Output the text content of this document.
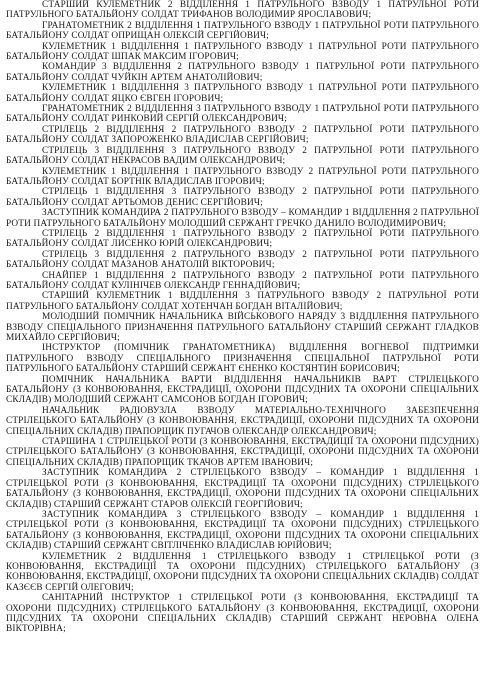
СТАРШИЙ КУЛЕМЕТНИК 2 ВІДДІЛЕННЯ 1 ПАТРУЛЬНОГО ВЗВОДУ 1 ПАТРУЛЬНОЇ РОТИ ПАТРУЛЬНОГО БАТАЛЬЙОНУ СОЛДАТ ТРИФАНОВ ВОЛОДИМИР ЯРОСЛАВОВИЧ;

ГРАНАТОМЕТНИК 2 ВІДДІЛЕННЯ 1 ПАТРУЛЬНОГО ВЗВОДУ 1 ПАТРУЛЬНОЇ РОТИ ПАТРУЛЬНОГО БАТАЛЬЙОНУ СОЛДАТ ОПРИЩАН ОЛЕКСІЙ СЕРГІЙОВИЧ;

КУЛЕМЕТНИК 1 ВІДДІЛЕННЯ 1 ПАТРУЛЬНОГО ВЗВОДУ 1 ПАТРУЛЬНОЇ РОТИ ПАТРУЛЬНОГО БАТАЛЬЙОНУ СОЛДАТ ШПАК МАКСИМ ІГОРОВИЧ;

КОМАНДИР 3 ВІДДІЛЕННЯ 2 ПАТРУЛЬНОГО ВЗВОДУ 1 ПАТРУЛЬНОЇ РОТИ ПАТРУЛЬНОГО БАТАЛЬЙОНУ СОЛДАТ ЧУЙКІН АРТЕМ АНАТОЛІЙОВИЧ;

КУЛЕМЕТНИК 1 ВІДДІЛЕННЯ 3 ПАТРУЛЬНОГО ВЗВОДУ 1 ПАТРУЛЬНОЇ РОТИ ПАТРУЛЬНОГО БАТАЛЬЙОНУ СОЛДАТ ЯЦКО ЄВГЕН ІГОРОВИЧ;

ГРАНАТОМЕТНИК 2 ВІДДІЛЕННЯ 3 ПАТРУЛЬНОГО ВЗВОДУ 1 ПАТРУЛЬНОЇ РОТИ ПАТРУЛЬНОГО БАТАЛЬЙОНУ СОЛДАТ РИНКОВИЙ СЕРГІЙ ОЛЕКСАНДРОВИЧ;

СТРІЛЕЦЬ 2 ВІДДІЛЕННЯ 2 ПАТРУЛЬНОГО ВЗВОДУ 2 ПАТРУЛЬНОЇ РОТИ ПАТРУЛЬНОГО БАТАЛЬЙОНУ СОЛДАТ ЗАПОРОЖЕНКО ВЛАДИСЛАВ СЕРГІЙОВИЧ;

СТРІЛЕЦЬ 3 ВІДДІЛЕННЯ 3 ПАТРУЛЬНОГО ВЗВОДУ 2 ПАТРУЛЬНОЇ РОТИ ПАТРУЛЬНОГО БАТАЛЬЙОНУ СОЛДАТ НЕКРАСОВ ВАДИМ ОЛЕКСАНДРОВИЧ;

КУЛЕМЕТНИК 1 ВІДДІЛЕННЯ 1 ПАТРУЛЬНОГО ВЗВОДУ 2 ПАТРУЛЬНОЇ РОТИ ПАТРУЛЬНОГО БАТАЛЬЙОНУ СОЛДАТ БОРТНІК ВЛАДИСЛАВ ІГОРОВИЧ;

СТРІЛЕЦЬ 1 ВІДДІЛЕННЯ 3 ПАТРУЛЬНОГО ВЗВОДУ 2 ПАТРУЛЬНОЇ РОТИ ПАТРУЛЬНОГО БАТАЛЬЙОНУ СОЛДАТ АРТЬОМОВ ДЕНИС СЕРГІЙОВИЧ;

ЗАСТУПНИК КОМАНДИРА 2 ПАТРУЛЬНОГО ВЗВОДУ – КОМАНДИР 1 ВІДДІЛЕННЯ 2 ПАТРУЛЬНОЇ РОТИ ПАТРУЛЬНОГО БАТАЛЬЙОНУ МОЛОДШИЙ СЕРЖАНТ ГРЕЧКО ДАНИЛО ВОЛОДИМИРОВИЧ;

СТРІЛЕЦЬ 2 ВІДДІЛЕННЯ 1 ПАТРУЛЬНОГО ВЗВОДУ 2 ПАТРУЛЬНОЇ РОТИ ПАТРУЛЬНОГО БАТАЛЬЙОНУ СОЛДАТ ЛИСЕНКО ЮРІЙ ОЛЕКСАНДРОВИЧ;

СТРІЛЕЦЬ 3 ВІДДІЛЕННЯ 2 ПАТРУЛЬНОГО ВЗВОДУ 2 ПАТРУЛЬНОЇ РОТИ ПАТРУЛЬНОГО БАТАЛЬЙОНУ СОЛДАТ МАЗАНОВ АНАТОЛІЙ ВІКТОРОВИЧ;

СНАЙПЕР 1 ВІДДІЛЕННЯ 2 ПАТРУЛЬНОГО ВЗВОДУ 2 ПАТРУЛЬНОЇ РОТИ ПАТРУЛЬНОГО БАТАЛЬЙОНУ СОЛДАТ КУЛІНІЧЕВ ОЛЕКСАНДР ГЕННАДІЙОВИЧ;

СТАРШИЙ КУЛЕМЕТНИК 1 ВІДДІЛЕННЯ 3 ПАТРУЛЬНОГО ВЗВОДУ 2 ПАТРУЛЬНОЇ РОТИ ПАТРУЛЬНОГО БАТАЛЬЙОНУ СОЛДАТ ХОТЕНЧАН БОГДАН ВІТАЛІЙОВИЧ;

МОЛОДШИЙ ПОМІЧНИК НАЧАЛЬНИКА ВІЙСЬКОВОГО НАРЯДУ 3 ВІДДІЛЕННЯ ПАТРУЛЬНОГО ВЗВОДУ СПЕЦІАЛЬНОГО ПРИЗНАЧЕННЯ ПАТРУЛЬНОГО БАТАЛЬЙОНУ СТАРШИЙ СЕРЖАНТ ГЛАДКОВ МИХАЙЛО СЕРГІЙОВИЧ;

ІНСТРУКТОР (ПОМІЧНИК ГРАНАТОМЕТНИКА) ВІДДІЛЕННЯ ВОГНЕВОЇ ПІДТРИМКИ ПАТРУЛЬНОГО ВЗВОДУ СПЕЦІАЛЬНОГО ПРИЗНАЧЕННЯ СПЕЦІАЛЬНОЇ ПАТРУЛЬНОЇ РОТИ ПАТРУЛЬНОГО БАТАЛЬЙОНУ СТАРШИЙ СЕРЖАНТ ЄНЕНКО КОСТЯНТИН БОРИСОВИЧ;

ПОМІЧНИК НАЧАЛЬНИКА ВАРТИ ВІДДІЛЕННЯ НАЧАЛЬНИКІВ ВАРТ СТРІЛЕЦЬКОГО БАТАЛЬЙОНУ (З КОНВОЮВАННЯ, ЕКСТРАДИЦІЇ, ОХОРОНИ ПІДСУДНИХ ТА ОХОРОНИ СПЕЦІАЛЬНИХ СКЛАДІВ) МОЛОДШИЙ СЕРЖАНТ САМСОНОВ БОГДАН ІГОРОВИЧ;

НАЧАЛЬНИК РАДІОВУЗЛА ВЗВОДУ МАТЕРІАЛЬНО-ТЕХНІЧНОГО ЗАБЕЗПЕЧЕННЯ СТРІЛЕЦЬКОГО БАТАЛЬЙОНУ (З КОНВОЮВАННЯ, ЕКСТРАДИЦІЇ, ОХОРОНИ ПІДСУДНИХ ТА ОХОРОНИ СПЕЦІАЛЬНИХ СКЛАДІВ) ПРАПОРЩИК ПУГАЧОВ ОЛЕКСАНДР ОЛЕКСАНДРОВИЧ;

СТАРШИНА 1 СТРІЛЕЦЬКОЇ РОТИ (З КОНВОЮВАННЯ, ЕКСТРАДИЦІЇ ТА ОХОРОНИ ПІДСУДНИХ) СТРІЛЕЦЬКОГО БАТАЛЬЙОНУ (З КОНВОЮВАННЯ, ЕКСТРАДИЦІЇ, ОХОРОНИ ПІДСУДНИХ ТА ОХОРОНИ СПЕЦІАЛЬНИХ СКЛАДІВ) ПРАПОРЩИК ТКАЧОВ АРТЕМ ІВАНОВИЧ;

ЗАСТУПНИК КОМАНДИРА 2 СТРІЛЕЦЬКОГО ВЗВОДУ – КОМАНДИР 1 ВІДДІЛЕННЯ 1 СТРІЛЕЦЬКОЇ РОТИ (З КОНВОЮВАННЯ, ЕКСТРАДИЦІЇ ТА ОХОРОНИ ПІДСУДНИХ) СТРІЛЕЦЬКОГО БАТАЛЬЙОНУ (З КОНВОЮВАННЯ, ЕКСТРАДИЦІЇ, ОХОРОНИ ПІДСУДНИХ ТА ОХОРОНИ СПЕЦІАЛЬНИХ СКЛАДІВ) СТАРШИЙ СЕРЖАНТ СТАРОВ ОЛЕКСІЙ ГЕОРГІЙОВИЧ;

ЗАСТУПНИК КОМАНДИРА 3 СТРІЛЕЦЬКОГО ВЗВОДУ – КОМАНДИР 1 ВІДДІЛЕННЯ 1 СТРІЛЕЦЬКОЇ РОТИ (З КОНВОЮВАННЯ, ЕКСТРАДИЦІЇ ТА ОХОРОНИ ПІДСУДНИХ) СТРІЛЕЦЬКОГО БАТАЛЬЙОНУ (З КОНВОЮВАННЯ, ЕКСТРАДИЦІЇ, ОХОРОНИ ПІДСУДНИХ ТА ОХОРОНИ СПЕЦІАЛЬНИХ СКЛАДІВ) СТАРШИЙ СЕРЖАНТ СВІТЛІЧЕНКО ВЛАДИСЛАВ ЮРІЙОВИЧ;

КУЛЕМЕТНИК 2 ВІДДІЛЕННЯ 1 СТРІЛЕЦЬКОГО ВЗВОДУ 1 СТРІЛЕЦЬКОЇ РОТИ (З КОНВОЮВАННЯ, ЕКСТРАДИЦІЇ ТА ОХОРОНИ ПІДСУДНИХ) СТРІЛЕЦЬКОГО БАТАЛЬЙОНУ (З КОНВОЮВАННЯ, ЕКСТРАДИЦІЇ, ОХОРОНИ ПІДСУДНИХ ТА ОХОРОНИ СПЕЦІАЛЬНИХ СКЛАДІВ) СОЛДАТ КАЗЄЄВ СЕРГІЙ ОЛЕГОВИЧ;

САНІТАРНИЙ ІНСТРУКТОР 1 СТРІЛЕЦЬКОЇ РОТИ (З КОНВОЮВАННЯ, ЕКСТРАДИЦІЇ ТА ОХОРОНИ ПІДСУДНИХ) СТРІЛЕЦЬКОГО БАТАЛЬЙОНУ (З КОНВОЮВАННЯ, ЕКСТРАДИЦІЇ, ОХОРОНИ ПІДСУДНИХ ТА ОХОРОНИ СПЕЦІАЛЬНИХ СКЛАДІВ) СТАРШИЙ СЕРЖАНТ НЕРОВНА ОЛЕНА ВІКТОРІВНА;
